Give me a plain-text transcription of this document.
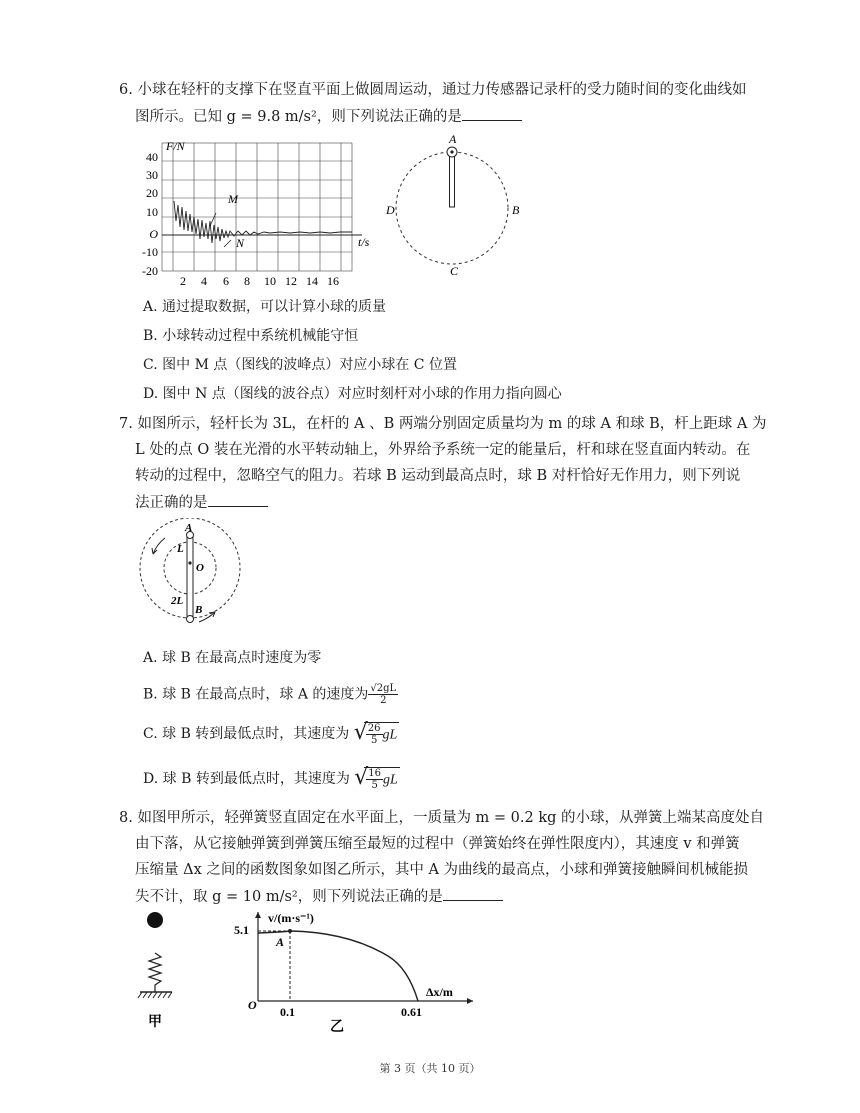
6. 小球在轻杆的支撑下在竖直平面上做圆周运动，通过力传感器记录杆的受力随时间的变化曲线如
图所示。已知 g = 9.8 m/s²，则下列说法正确的是
M
N
F/N
t/s
40
30
20
10
O
-10
-20
2 4 6 8 10 12 14 16
A
B
C
D
A. 通过提取数据，可以计算小球的质量
B. 小球转动过程中系统机械能守恒
C. 图中 M 点（图线的波峰点）对应小球在 C 位置
D. 图中 N 点（图线的波谷点）对应时刻杆对小球的作用力指向圆心
7. 如图所示，轻杆长为 3L，在杆的 A 、B 两端分别固定质量均为 m 的球 A 和球 B，杆上距球 A 为
L 处的点 O 装在光滑的水平转动轴上，外界给予系统一定的能量后，杆和球在竖直面内转动。在
转动的过程中，忽略空气的阻力。若球 B 运动到最高点时，球 B 对杆恰好无作用力，则下列说
法正确的是
A
L
O
2L
B
A. 球 B 在最高点时速度为零
B. 球 B 在最高点时，球 A 的速度为 $\frac{√2gL}{2}$
C. 球 B 转到最低点时，其速度为 √
$\frac{26}{5}$ gL
D. 球 B 转到最低点时，其速度为 √
$\frac{16}{5}$ gL
8. 如图甲所示，轻弹簧竖直固定在水平面上，一质量为 m = 0.2 kg 的小球，从弹簧上端某高度处自
由下落，从它接触弹簧到弹簧压缩至最短的过程中（弹簧始终在弹性限度内），其速度 v 和弹簧
压缩量 Δx 之间的函数图象如图乙所示，其中 A 为曲线的最高点，小球和弹簧接触瞬间机械能损
失不计，取 g = 10 m/s²，则下列说法正确的是
甲
v/(m·s⁻¹)
5.1
A
O 0.1
Δx/m
0.61
乙
第 3 页（共 10 页）
